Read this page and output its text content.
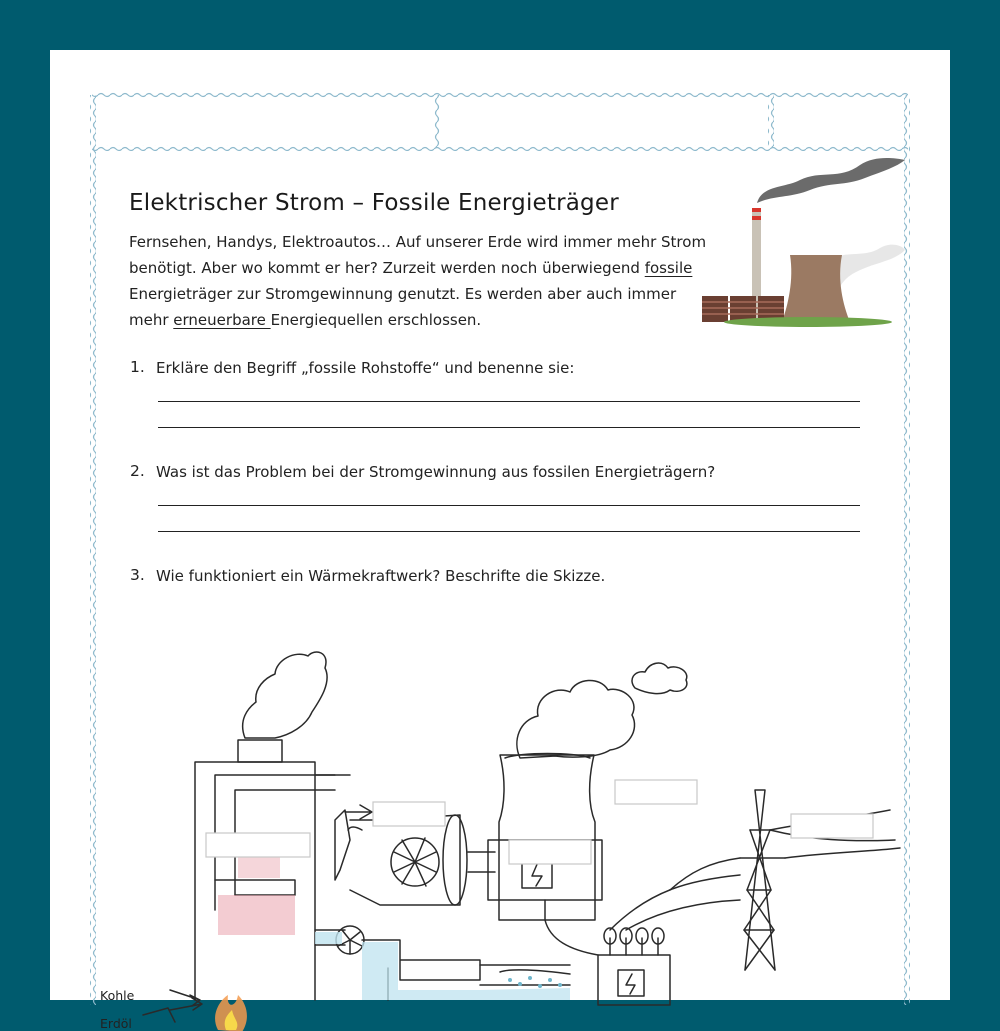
Elektrischer Strom – Fossile Energieträger
Fernsehen, Handys, Elektroautos… Auf unserer Erde wird immer mehr Strom benötigt. Aber wo kommt er her? Zurzeit werden noch überwiegend fossile Energieträger zur Stromgewinnung genutzt. Es werden aber auch immer mehr erneuerbare Energiequellen erschlossen.
1. Erkläre den Begriff „fossile Rohstoffe“ und benenne sie:
2. Was ist das Problem bei der Stromgewinnung aus fossilen Energieträgern?
3. Wie funktioniert ein Wärmekraftwerk? Beschrifte die Skizze.
Kohle
Erdöl
